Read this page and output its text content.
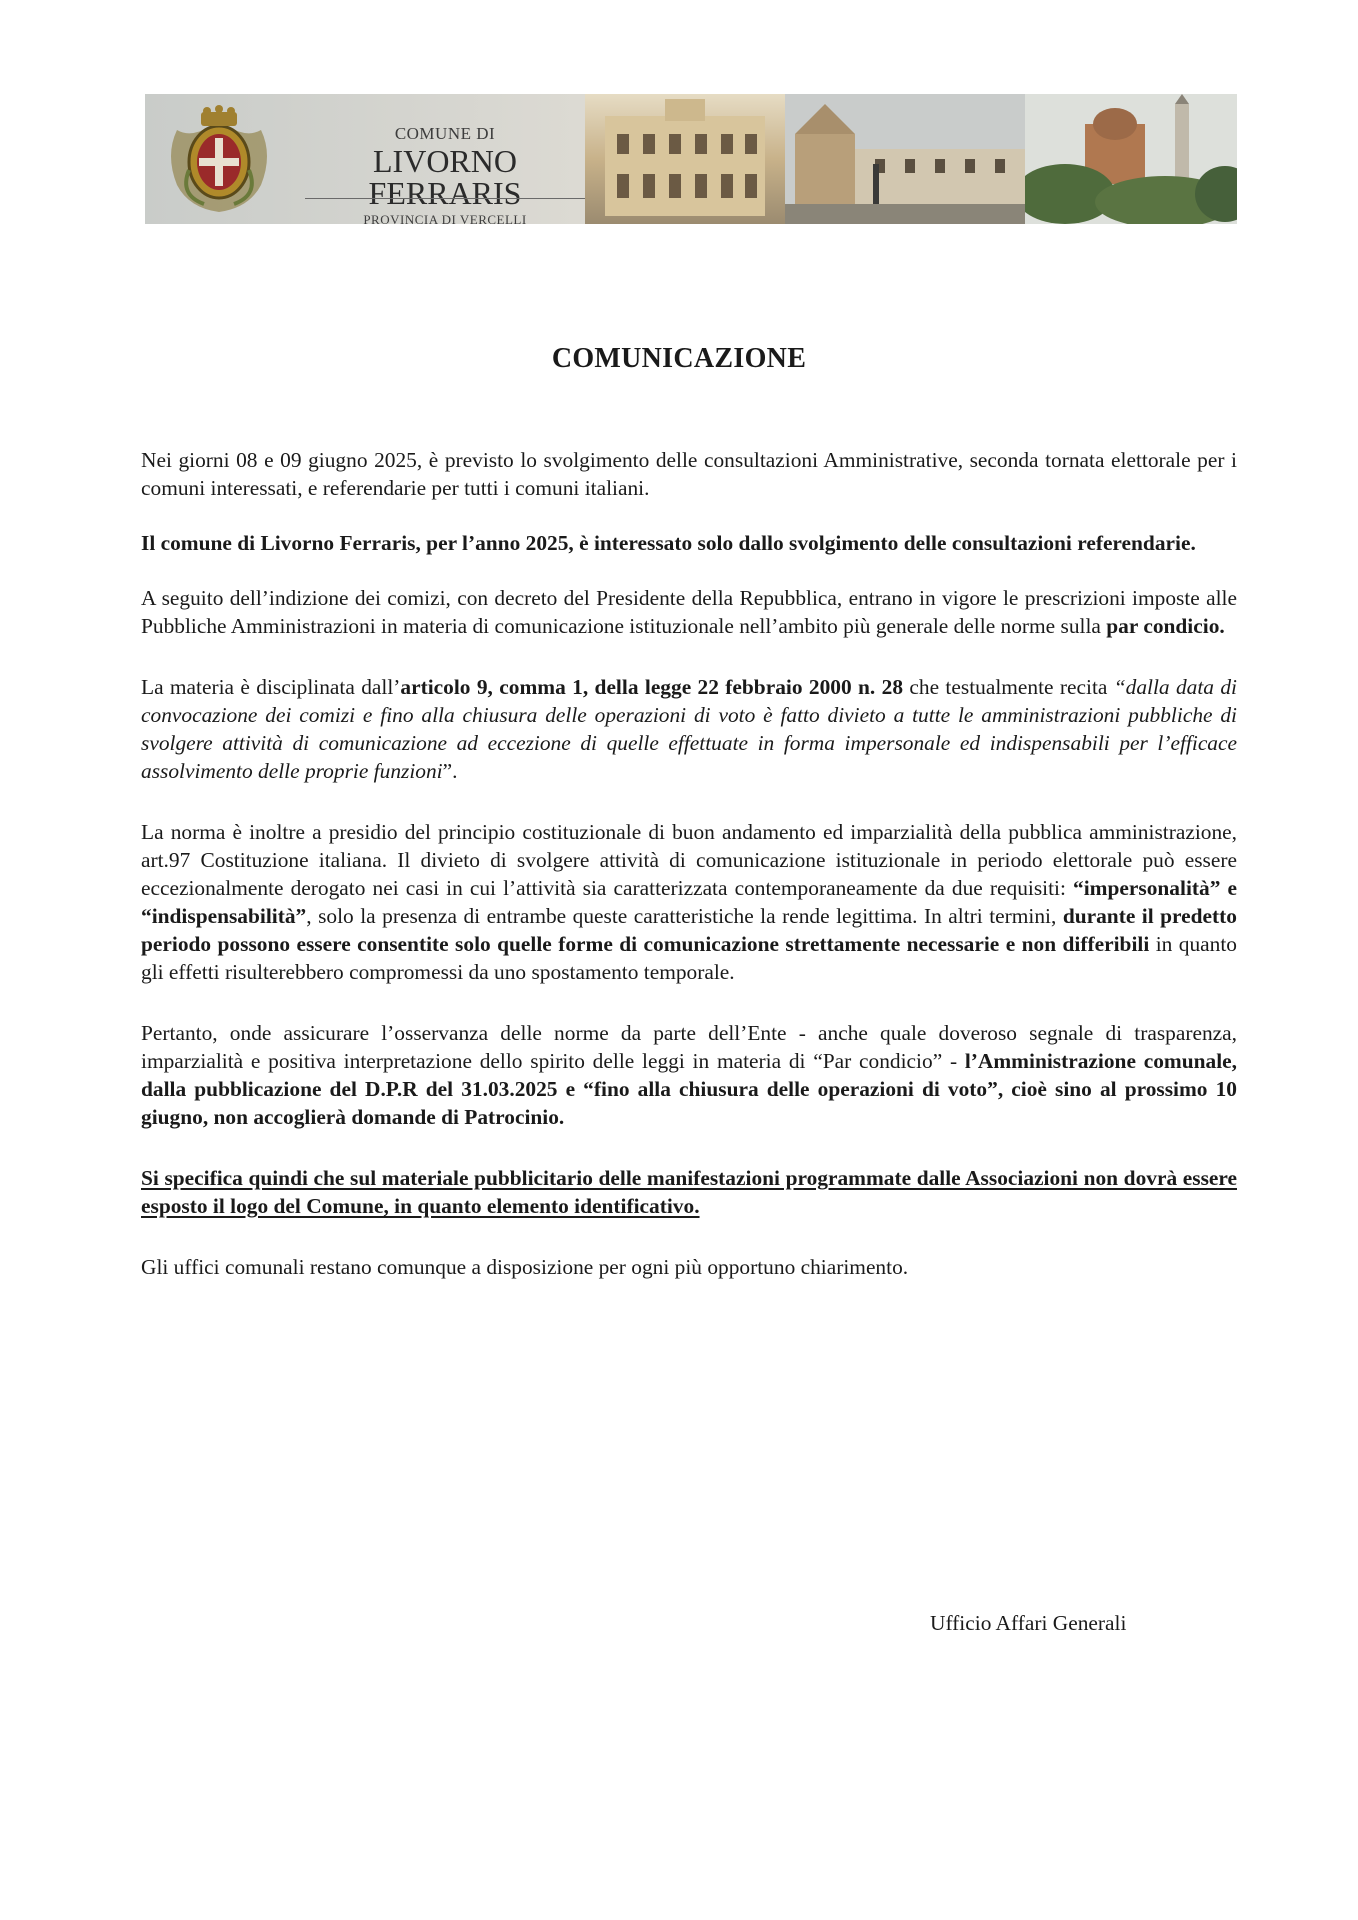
COMUNE DI
LIVORNO FERRARIS
PROVINCIA DI VERCELLI
COMUNICAZIONE

Nei giorni 08 e 09 giugno 2025, è previsto lo svolgimento delle consultazioni Amministrative, seconda tornata elettorale per i comuni interessati, e referendarie per tutti i comuni italiani.

Il comune di Livorno Ferraris, per l’anno 2025, è interessato solo dallo svolgimento delle consultazioni referendarie.

A seguito dell’indizione dei comizi, con decreto del Presidente della Repubblica, entrano in vigore le prescrizioni imposte alle Pubbliche Amministrazioni in materia di comunicazione istituzionale nell’ambito più generale delle norme sulla par condicio.

La materia è disciplinata dall’articolo 9, comma 1, della legge 22 febbraio 2000 n. 28 che testualmente recita “dalla data di convocazione dei comizi e fino alla chiusura delle operazioni di voto è fatto divieto a tutte le amministrazioni pubbliche di svolgere attività di comunicazione ad eccezione di quelle effettuate in forma impersonale ed indispensabili per l’efficace assolvimento delle proprie funzioni”.

La norma è inoltre a presidio del principio costituzionale di buon andamento ed imparzialità della pubblica amministrazione, art.97 Costituzione italiana. Il divieto di svolgere attività di comunicazione istituzionale in periodo elettorale può essere eccezionalmente derogato nei casi in cui l’attività sia caratterizzata contemporaneamente da due requisiti: “impersonalità” e “indispensabilità”, solo la presenza di entrambe queste caratteristiche la rende legittima. In altri termini, durante il predetto periodo possono essere consentite solo quelle forme di comunicazione strettamente necessarie e non differibili in quanto gli effetti risulterebbero compromessi da uno spostamento temporale.

Pertanto, onde assicurare l’osservanza delle norme da parte dell’Ente - anche quale doveroso segnale di trasparenza, imparzialità e positiva interpretazione dello spirito delle leggi in materia di “Par condicio” - l’Amministrazione comunale, dalla pubblicazione del D.P.R del 31.03.2025 e “fino alla chiusura delle operazioni di voto”, cioè sino al prossimo 10 giugno, non accoglierà domande di Patrocinio.

Si specifica quindi che sul materiale pubblicitario delle manifestazioni programmate dalle Associazioni non dovrà essere esposto il logo del Comune, in quanto elemento identificativo.

Gli uffici comunali restano comunque a disposizione per ogni più opportuno chiarimento.

Ufficio Affari Generali
